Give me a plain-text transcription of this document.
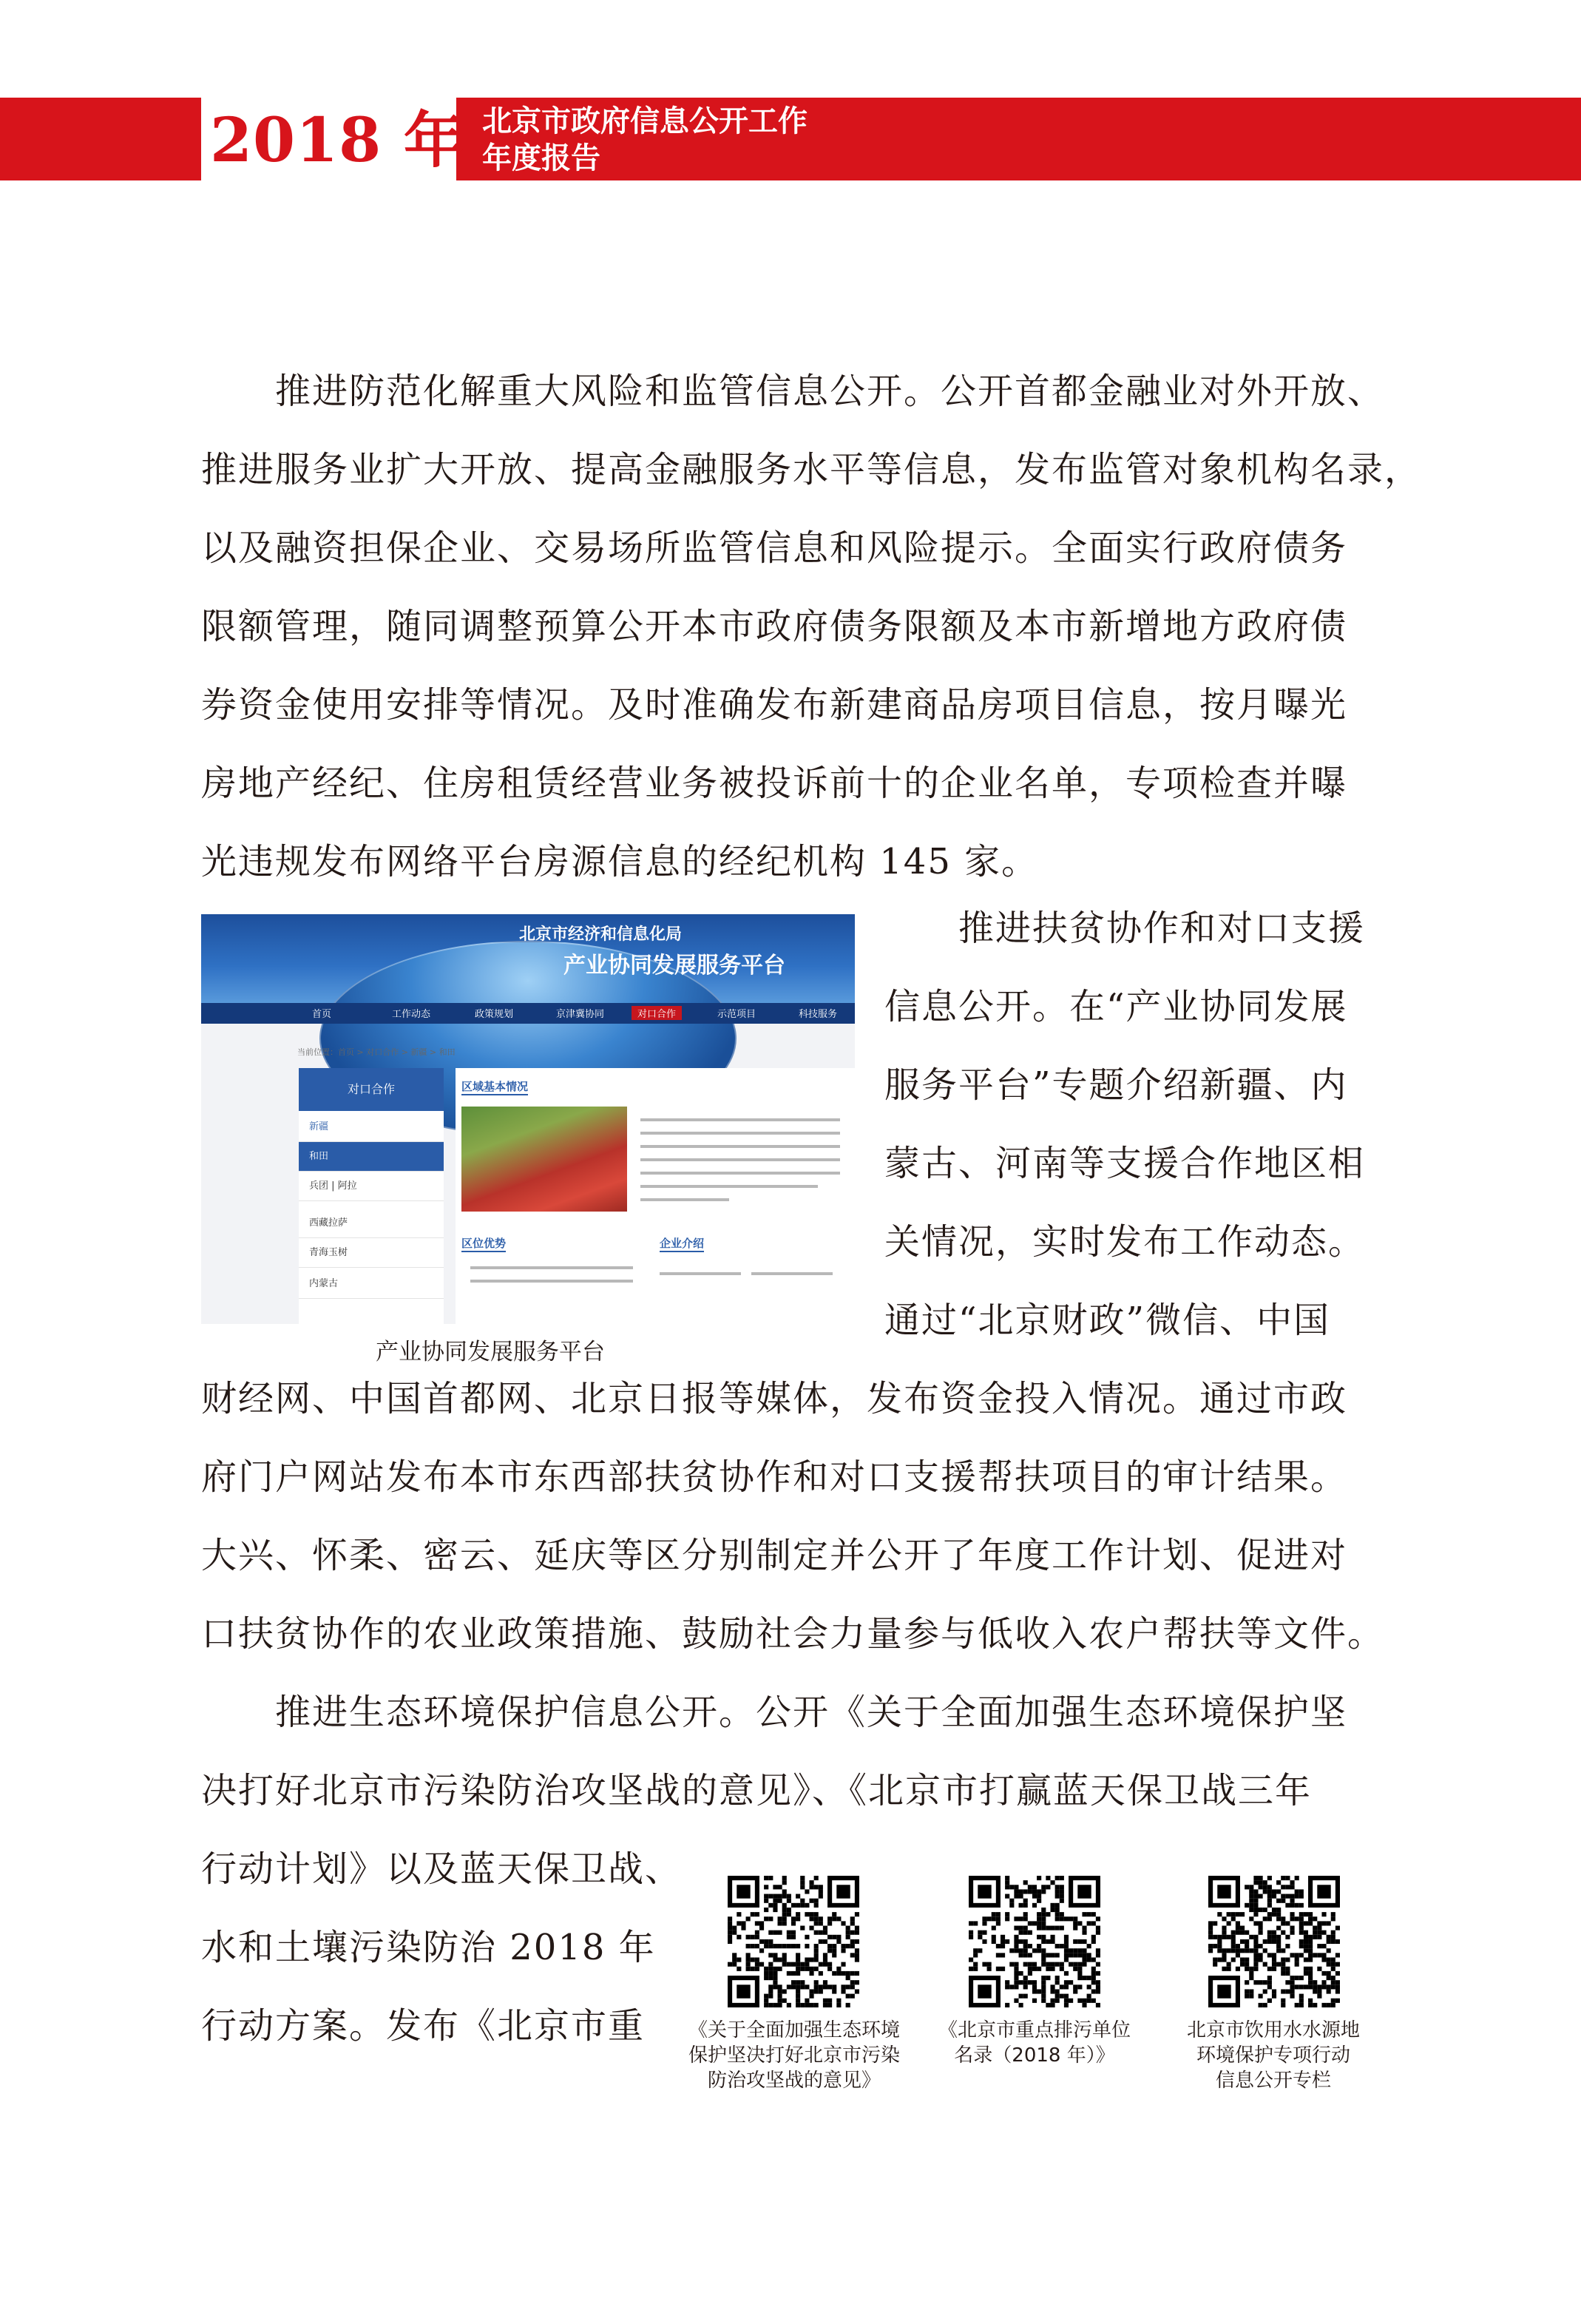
2018 年 北京市政府信息公开工作
年度报告
　　推进防范化解重大风险和监管信息公开。公开首都金融业对外开放、
推进服务业扩大开放、提高金融服务水平等信息，发布监管对象机构名录，
以及融资担保企业、交易场所监管信息和风险提示。全面实行政府债务
限额管理，随同调整预算公开本市政府债务限额及本市新增地方政府债
券资金使用安排等情况。及时准确发布新建商品房项目信息，按月曝光
房地产经纪、住房租赁经营业务被投诉前十的企业名单，专项检查并曝
光违规发布网络平台房源信息的经纪机构 145 家。
北京市经济和信息化局
产业协同发展服务平台
首页	工作动态	政策规划	京津冀协同	对口合作	示范项目	科技服务
当前位置：首页 > 对口合作 > 新疆 > 和田
对口合作
新疆
和田
兵团 | 阿拉
西藏拉萨
青海玉树
内蒙古
区域基本情况
区位优势	企业介绍
产业协同发展服务平台
　　推进扶贫协作和对口支援
信息公开。在“产业协同发展
服务平台”专题介绍新疆、内
蒙古、河南等支援合作地区相
关情况，实时发布工作动态。
通过“北京财政”微信、中国
财经网、中国首都网、北京日报等媒体，发布资金投入情况。通过市政
府门户网站发布本市东西部扶贫协作和对口支援帮扶项目的审计结果。
大兴、怀柔、密云、延庆等区分别制定并公开了年度工作计划、促进对
口扶贫协作的农业政策措施、鼓励社会力量参与低收入农户帮扶等文件。
　　推进生态环境保护信息公开。公开《关于全面加强生态环境保护坚
决打好北京市污染防治攻坚战的意见》、《北京市打赢蓝天保卫战三年
行动计划》以及蓝天保卫战、
水和土壤污染防治 2018 年
行动方案。发布《北京市重	《关于全面加强生态环境
保护坚决打好北京市污染
防治攻坚战的意见》
《北京市重点排污单位
名录（2018 年）》
北京市饮用水水源地
环境保护专项行动
信息公开专栏
